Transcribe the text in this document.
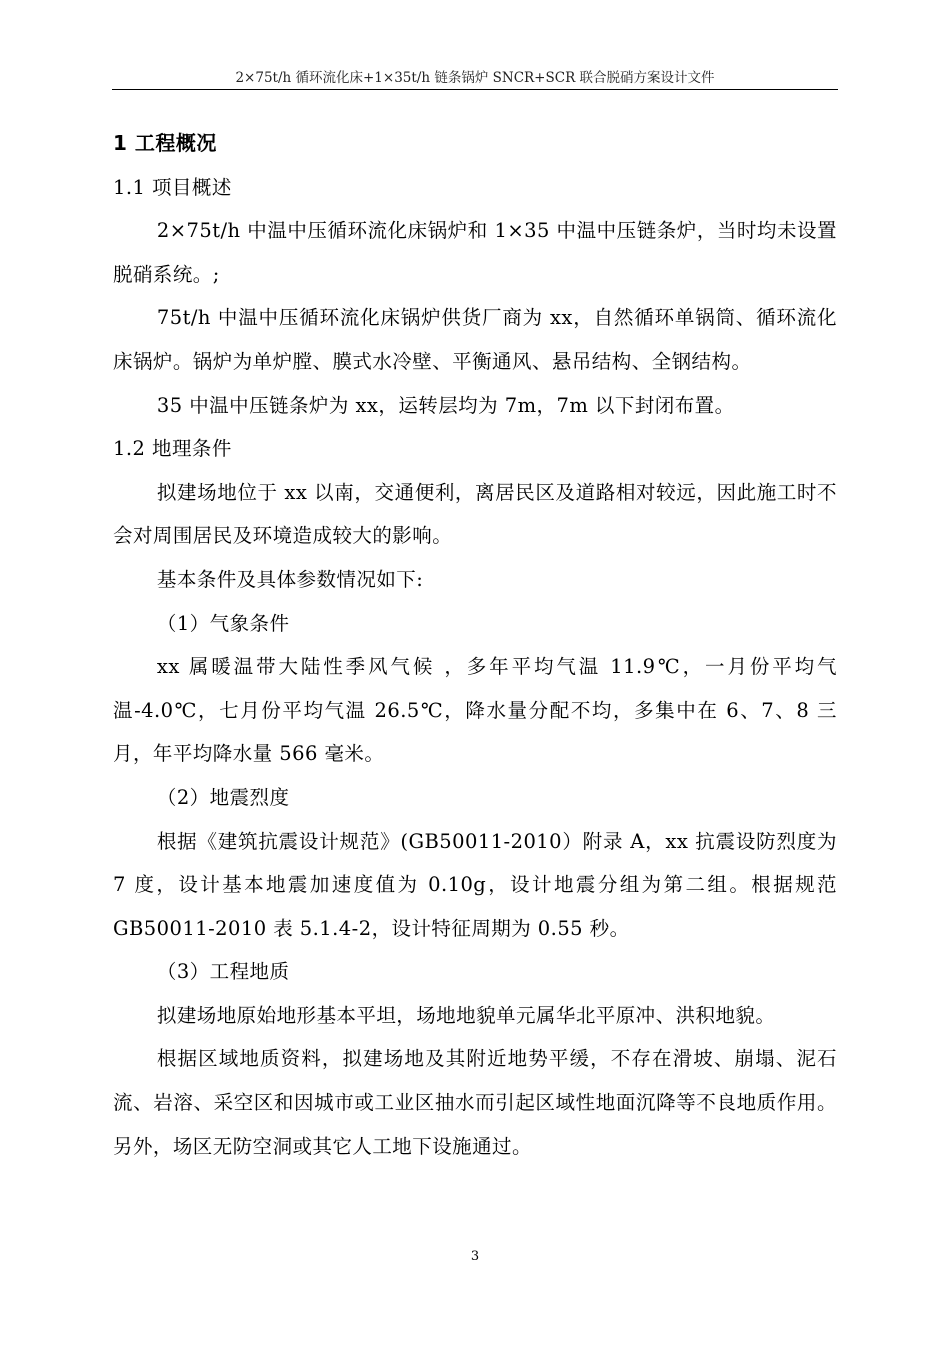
2×75t/h 循环流化床+1×35t/h 链条锅炉 SNCR+SCR 联合脱硝方案设计文件

1 工程概况

1.1 项目概述

2×75t/h 中温中压循环流化床锅炉和 1×35 中温中压链条炉，当时均未设置脱硝系统。;

75t/h 中温中压循环流化床锅炉供货厂商为 xx，自然循环单锅筒、循环流化床锅炉。锅炉为单炉膛、膜式水冷壁、平衡通风、悬吊结构、全钢结构。

35 中温中压链条炉为 xx，运转层均为 7m，7m 以下封闭布置。

1.2 地理条件

拟建场地位于 xx 以南，交通便利，离居民区及道路相对较远，因此施工时不会对周围居民及环境造成较大的影响。

基本条件及具体参数情况如下:

（1）气象条件

xx 属暖温带大陆性季风气候 ，多年平均气温 11.9℃，一月份平均气温-4.0℃，七月份平均气温 26.5℃，降水量分配不均，多集中在 6、7、8 三月，年平均降水量 566 毫米。

（2）地震烈度

根据《建筑抗震设计规范》(GB50011-2010）附录 A，xx 抗震设防烈度为 7 度，设计基本地震加速度值为 0.10g，设计地震分组为第二组。根据规范 GB50011-2010 表 5.1.4-2，设计特征周期为 0.55 秒。

（3）工程地质

拟建场地原始地形基本平坦，场地地貌单元属华北平原冲、洪积地貌。

根据区域地质资料，拟建场地及其附近地势平缓，不存在滑坡、崩塌、泥石流、岩溶、采空区和因城市或工业区抽水而引起区域性地面沉降等不良地质作用。另外，场区无防空洞或其它人工地下设施通过。

3
